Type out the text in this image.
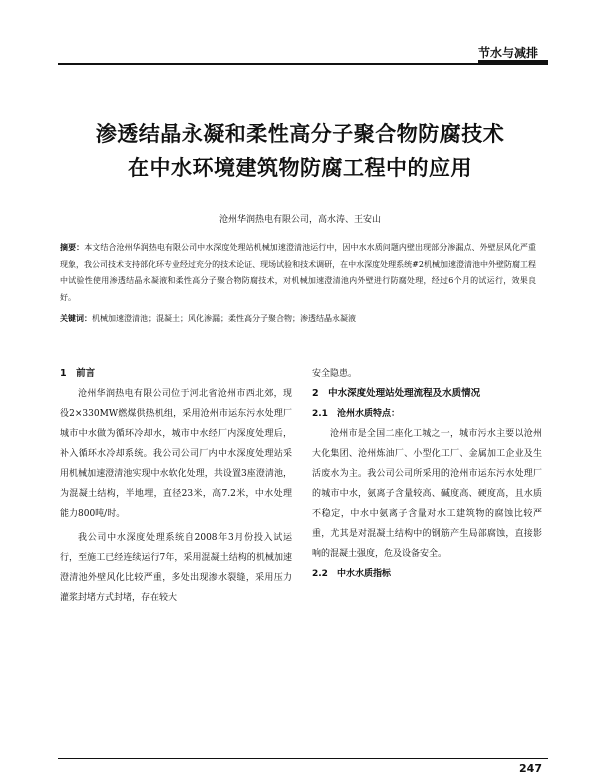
节水与减排
渗透结晶永凝和柔性高分子聚合物防腐技术
在中水环境建筑物防腐工程中的应用
沧州华润热电有限公司，高水涛、王安山
摘要：本文结合沧州华润热电有限公司中水深度处理站机械加速澄清池运行中，因中水水质问题内壁出现部分渗漏点、外壁层风化严重现象，我公司技术支持部化环专业经过充分的技术论证、现场试验和技术调研，在中水深度处理系统#2机械加速澄清池中外壁防腐工程中试验性使用渗透结晶永凝液和柔性高分子聚合物防腐技术，对机械加速澄清池内外壁进行防腐处理，经过6个月的试运行，效果良好。
关键词：机械加速澄清池；混凝土；风化渗漏；柔性高分子聚合物；渗透结晶永凝液
1　前言

沧州华润热电有限公司位于河北省沧州市西北郊，现役2×330MW燃煤供热机组，采用沧州市运东污水处理厂城市中水做为循环冷却水，城市中水经厂内深度处理后，补入循环水冷却系统。我公司公司厂内中水深度处理站采用机械加速澄清池实现中水软化处理，共设置3座澄清池，为混凝土结构，半地埋，直径23米，高7.2米，中水处理能力800吨/时。

我公司中水深度处理系统自2008年3月份投入试运行，至施工已经连续运行7年，采用混凝土结构的机械加速澄清池外壁风化比较严重，多处出现渗水裂缝，采用压力灌浆封堵方式封堵，存在较大

安全隐患。
2　中水深度处理站处理流程及水质情况
2.1　沧州水质特点：

沧州市是全国二座化工城之一，城市污水主要以沧州大化集团、沧州炼油厂、小型化工厂、金属加工企业及生活废水为主。我公司公司所采用的沧州市运东污水处理厂的城市中水，氨离子含量较高、碱度高、硬度高，且水质不稳定，中水中氨离子含量对水工建筑物的腐蚀比较严重，尤其是对混凝土结构中的钢筋产生局部腐蚀，直接影响的混凝土强度，危及设备安全。

2.2　中水水质指标
247
